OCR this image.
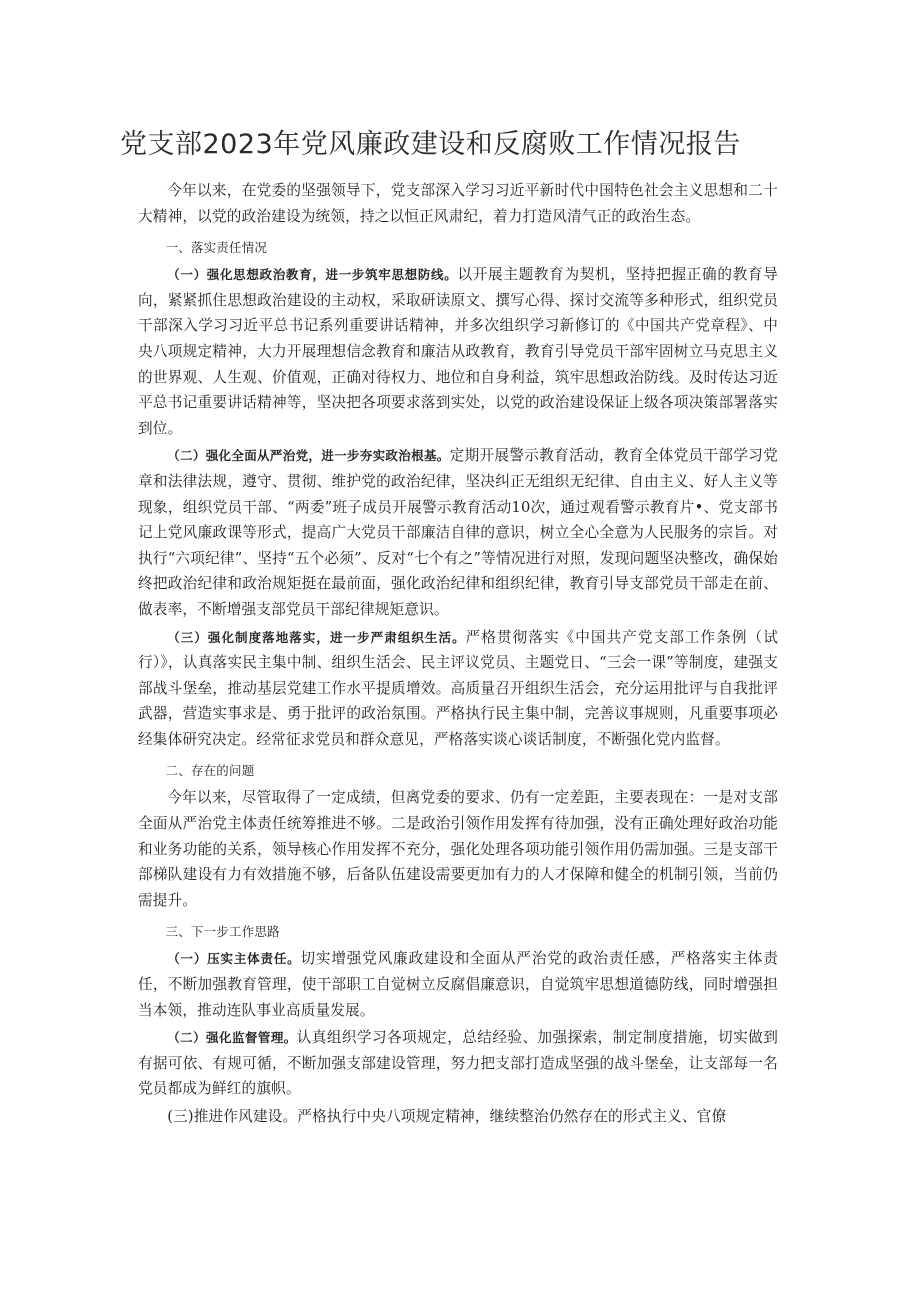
党支部2023年党风廉政建设和反腐败工作情况报告

今年以来，在党委的坚强领导下，党支部深入学习习近平新时代中国特色社会主义思想和二十大精神，以党的政治建设为统领，持之以恒正风肃纪，着力打造风清气正的政治生态。

一、落实责任情况

（一）强化思想政治教育，进一步筑牢思想防线。以开展主题教育为契机，坚持把握正确的教育导向，紧紧抓住思想政治建设的主动权，采取研读原文、撰写心得、探讨交流等多种形式，组织党员干部深入学习习近平总书记系列重要讲话精神，并多次组织学习新修订的《中国共产党章程》、中央八项规定精神，大力开展理想信念教育和廉洁从政教育，教育引导党员干部牢固树立马克思主义的世界观、人生观、价值观，正确对待权力、地位和自身利益，筑牢思想政治防线。及时传达习近平总书记重要讲话精神等，坚决把各项要求落到实处，以党的政治建设保证上级各项决策部署落实到位。

（二）强化全面从严治党，进一步夯实政治根基。定期开展警示教育活动，教育全体党员干部学习党章和法律法规，遵守、贯彻、维护党的政治纪律，坚决纠正无组织无纪律、自由主义、好人主义等现象，组织党员干部、“两委”班子成员开展警示教育活动10次，通过观看警示教育片•、党支部书记上党风廉政课等形式，提高广大党员干部廉洁自律的意识，树立全心全意为人民服务的宗旨。对执行“六项纪律”、坚持“五个必须”、反对“七个有之”等情况进行对照，发现问题坚决整改，确保始终把政治纪律和政治规矩挺在最前面，强化政治纪律和组织纪律，教育引导支部党员干部走在前、做表率，不断增强支部党员干部纪律规矩意识。

（三）强化制度落地落实，进一步严肃组织生活。严格贯彻落实《中国共产党支部工作条例（试行）》，认真落实民主集中制、组织生活会、民主评议党员、主题党日、“三会一课”等制度，建强支部战斗堡垒，推动基层党建工作水平提质增效。高质量召开组织生活会，充分运用批评与自我批评武器，营造实事求是、勇于批评的政治氛围。严格执行民主集中制，完善议事规则，凡重要事项必经集体研究决定。经常征求党员和群众意见，严格落实谈心谈话制度，不断强化党内监督。

二、存在的问题

今年以来，尽管取得了一定成绩，但离党委的要求、仍有一定差距，主要表现在：一是对支部全面从严治党主体责任统筹推进不够。二是政治引领作用发挥有待加强，没有正确处理好政治功能和业务功能的关系，领导核心作用发挥不充分，强化处理各项功能引领作用仍需加强。三是支部干部梯队建设有力有效措施不够，后备队伍建设需要更加有力的人才保障和健全的机制引领，当前仍需提升。

三、下一步工作思路

（一）压实主体责任。切实增强党风廉政建设和全面从严治党的政治责任感，严格落实主体责任，不断加强教育管理，使干部职工自觉树立反腐倡廉意识，自觉筑牢思想道德防线，同时增强担当本领，推动连队事业高质量发展。

（二）强化监督管理。认真组织学习各项规定，总结经验、加强探索，制定制度措施，切实做到有据可依、有规可循，不断加强支部建设管理，努力把支部打造成坚强的战斗堡垒，让支部每一名党员都成为鲜红的旗帜。

(三)推进作风建设。严格执行中央八项规定精神，继续整治仍然存在的形式主义、官僚
